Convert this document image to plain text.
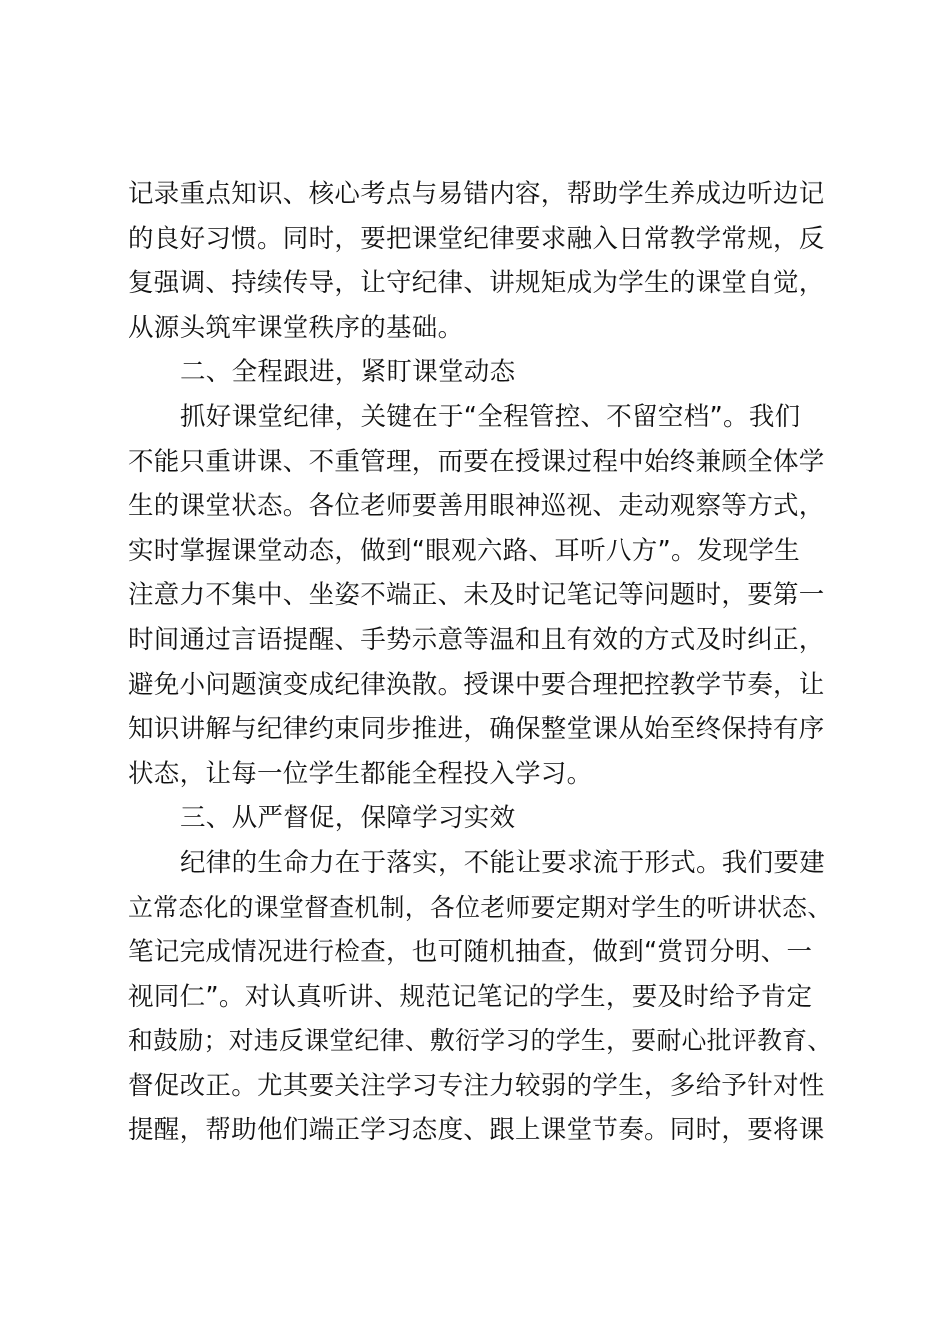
记录重点知识、核心考点与易错内容，帮助学生养成边听边记
的良好习惯。同时，要把课堂纪律要求融入日常教学常规，反
复强调、持续传导，让守纪律、讲规矩成为学生的课堂自觉，
从源头筑牢课堂秩序的基础。
二、全程跟进，紧盯课堂动态
抓好课堂纪律，关键在于“全程管控、不留空档”。我们
不能只重讲课、不重管理，而要在授课过程中始终兼顾全体学
生的课堂状态。各位老师要善用眼神巡视、走动观察等方式，
实时掌握课堂动态，做到“眼观六路、耳听八方”。发现学生
注意力不集中、坐姿不端正、未及时记笔记等问题时，要第一
时间通过言语提醒、手势示意等温和且有效的方式及时纠正，
避免小问题演变成纪律涣散。授课中要合理把控教学节奏，让
知识讲解与纪律约束同步推进，确保整堂课从始至终保持有序
状态，让每一位学生都能全程投入学习。
三、从严督促，保障学习实效
纪律的生命力在于落实，不能让要求流于形式。我们要建
立常态化的课堂督查机制，各位老师要定期对学生的听讲状态、
笔记完成情况进行检查，也可随机抽查，做到“赏罚分明、一
视同仁”。对认真听讲、规范记笔记的学生，要及时给予肯定
和鼓励；对违反课堂纪律、敷衍学习的学生，要耐心批评教育、
督促改正。尤其要关注学习专注力较弱的学生，多给予针对性
提醒，帮助他们端正学习态度、跟上课堂节奏。同时，要将课
